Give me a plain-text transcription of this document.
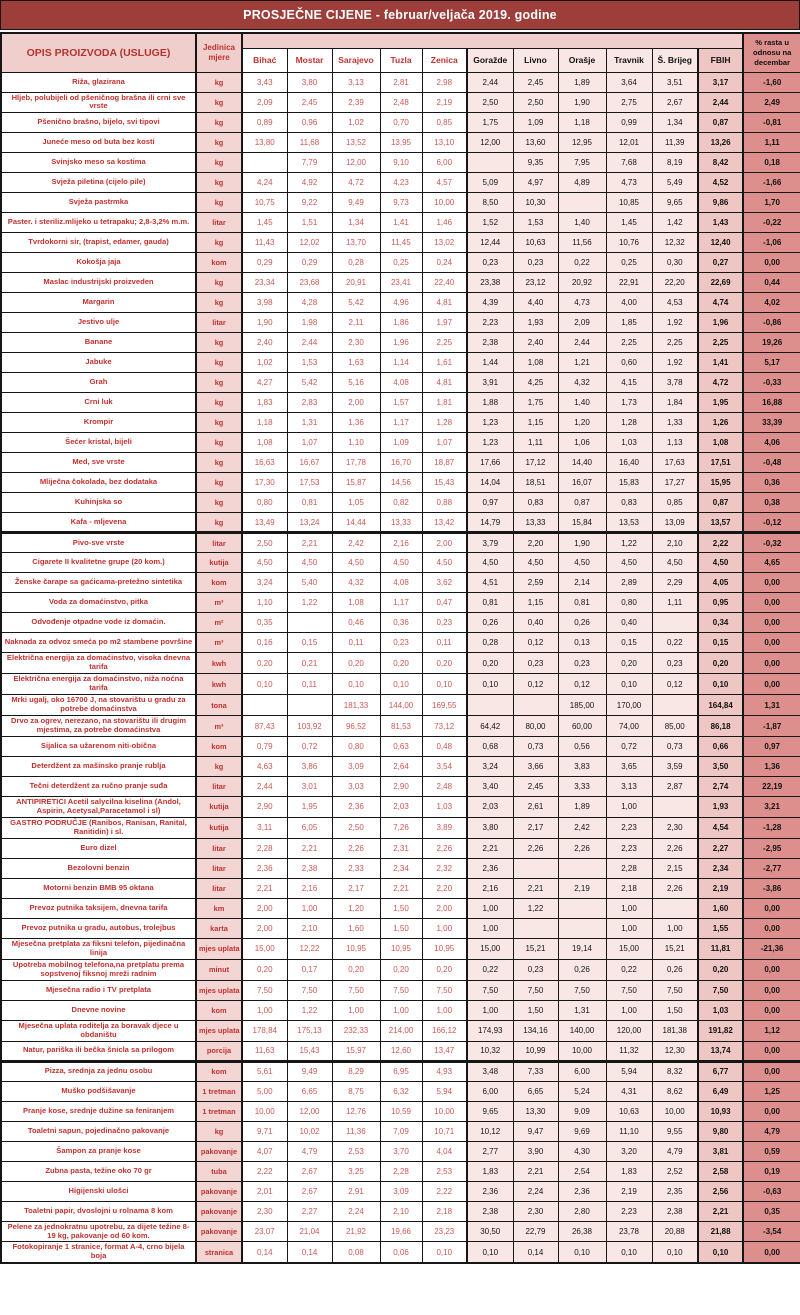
PROSJEČNE CIJENE - februar/veljača 2019. godine
OPIS PROIZVODA (USLUGE)	Jedinica mjere												% rasta u odnosu na decembar
		Bihać	Mostar	Sarajevo	Tuzla	Zenica	Goražde	Livno	Orašje	Travnik	Š. Brijeg	FBIH	
Riža, glazirana	kg	3,43	3,80	3,13	2,81	2,98	2,44	2,45	1,89	3,64	3,51	3,17	-1,60
Hljeb, polubijeli od pšeničnog brašna ili crni sve vrste	kg	2,09	2,45	2,39	2,48	2,19	2,50	2,50	1,90	2,75	2,67	2,44	2,49
Pšenično brašno, bijelo, svi tipovi	kg	0,89	0,96	1,02	0,70	0,85	1,75	1,09	1,18	0,99	1,34	0,87	-0,81
Juneće meso od buta bez kosti	kg	13,80	11,68	13,52	13,95	13,10	12,00	13,60	12,95	12,01	11,39	13,26	1,11
Svinjsko meso sa kostima	kg		7,79	12,00	9,10	6,00		9,35	7,95	7,68	8,19	8,42	0,18
Svježa piletina (cijelo pile)	kg	4,24	4,92	4,72	4,23	4,57	5,09	4,97	4,89	4,73	5,49	4,52	-1,66
Svježa pastrmka	kg	10,75	9,22	9,49	9,73	10,00	8,50	10,30		10,85	9,65	9,86	1,70
Paster. i steriliz.mlijeko u tetrapaku; 2,8-3,2% m.m.	litar	1,45	1,51	1,34	1,41	1,46	1,52	1,53	1,40	1,45	1,42	1,43	-0,22
Tvrdokorni sir, (trapist, edamer, gauda)	kg	11,43	12,02	13,70	11,45	13,02	12,44	10,63	11,56	10,76	12,32	12,40	-1,06
Kokošja jaja	kom	0,29	0,29	0,28	0,25	0,24	0,23	0,23	0,22	0,25	0,30	0,27	0,00
Maslac industrijski proizveden	kg	23,34	23,68	20,91	23,41	22,40	23,38	23,12	20,92	22,91	22,20	22,69	0,44
Margarin	kg	3,98	4,28	5,42	4,96	4,81	4,39	4,40	4,73	4,00	4,53	4,74	4,02
Jestivo ulje	litar	1,90	1,98	2,11	1,86	1,97	2,23	1,93	2,09	1,85	1,92	1,96	-0,86
Banane	kg	2,40	2,44	2,30	1,96	2,25	2,38	2,40	2,44	2,25	2,25	2,25	19,26
Jabuke	kg	1,02	1,53	1,63	1,14	1,61	1,44	1,08	1,21	0,60	1,92	1,41	5,17
Grah	kg	4,27	5,42	5,16	4,08	4,81	3,91	4,25	4,32	4,15	3,78	4,72	-0,33
Crni luk	kg	1,83	2,83	2,00	1,57	1,81	1,88	1,75	1,40	1,73	1,84	1,95	16,88
Krompir	kg	1,18	1,31	1,36	1,17	1,28	1,23	1,15	1,20	1,28	1,33	1,26	33,39
Šećer kristal, bijeli	kg	1,08	1,07	1,10	1,09	1,07	1,23	1,11	1,06	1,03	1,13	1,08	4,06
Med, sve vrste	kg	16,63	16,67	17,78	16,70	18,87	17,66	17,12	14,40	16,40	17,63	17,51	-0,48
Mliječna čokolada, bez dodataka	kg	17,30	17,53	15,87	14,56	15,43	14,04	18,51	16,07	15,83	17,27	15,95	0,36
Kuhinjska so	kg	0,80	0,81	1,05	0,82	0,88	0,97	0,83	0,87	0,83	0,85	0,87	0,38
Kafa - mljevena	kg	13,49	13,24	14,44	13,33	13,42	14,79	13,33	15,84	13,53	13,09	13,57	-0,12
Pivo-sve vrste	litar	2,50	2,21	2,42	2,16	2,00	3,79	2,20	1,90	1,22	2,10	2,22	-0,32
Cigarete II kvalitetne grupe (20 kom.)	kutija	4,50	4,50	4,50	4,50	4,50	4,50	4,50	4,50	4,50	4,50	4,50	4,65
Ženske čarape sa gaćicama-pretežno sintetika	kom	3,24	5,40	4,32	4,08	3,62	4,51	2,59	2,14	2,89	2,29	4,05	0,00
Voda za domaćinstvo, pitka	m³	1,10	1,22	1,08	1,17	0,47	0,81	1,15	0,81	0,80	1,11	0,95	0,00
Odvođenje otpadne vode iz domaćin.	m²	0,35		0,46	0,36	0,23	0,26	0,40	0,26	0,40		0,34	0,00
Naknada za odvoz smeća po m2 stambene površine	m³	0,16	0,15	0,11	0,23	0,11	0,28	0,12	0,13	0,15	0,22	0,15	0,00
Električna energija za domaćinstvo, visoka dnevna tarifa	kwh	0,20	0,21	0,20	0,20	0,20	0,20	0,23	0,23	0,20	0,23	0,20	0,00
Električna energija za domaćinstvo, niža noćna tarifa	kwh	0,10	0,11	0,10	0,10	0,10	0,10	0,12	0,12	0,10	0,12	0,10	0,00
Mrki ugalj, oko 16700 J, na stovarištu u gradu za potrebe domaćinstva	tona			181,33	144,00	169,55			185,00	170,00		164,84	1,31
Drvo za ogrev, nerezano, na stovarištu ili drugim mjestima, za potrebe domaćinstva	m³	87,43	103,92	96,52	81,53	73,12	64,42	80,00	60,00	74,00	85,00	86,18	-1,87
Sijalica sa užarenom niti-obična	kom	0,79	0,72	0,80	0,63	0,48	0,68	0,73	0,56	0,72	0,73	0,66	0,97
Deterdžent za mašinsko pranje rublja	kg	4,63	3,86	3,09	2,64	3,54	3,24	3,66	3,83	3,65	3,59	3,50	1,36
Tečni deterdžent za ručno pranje suđa	litar	2,44	3,01	3,03	2,90	2,48	3,40	2,45	3,33	3,13	2,87	2,74	22,19
ANTIPIRETICI Acetil salycilna kiselina (Andol, Aspirin, Acetysal,Paracetamol i sl)	kutija	2,90	1,95	2,36	2,03	1,03	2,03	2,61	1,89	1,00		1,93	3,21
GASTRO PODRUČJE (Ranibos, Ranisan, Ranital, Ranitidin) i sl.	kutija	3,11	6,05	2,50	7,26	3,89	3,80	2,17	2,42	2,23	2,30	4,54	-1,28
Euro dizel	litar	2,28	2,21	2,26	2,31	2,26	2,21	2,26	2,26	2,23	2,26	2,27	-2,95
Bezolovni benzin	litar	2,36	2,38	2,33	2,34	2,32	2,36			2,28	2,15	2,34	-2,77
Motorni benzin BMB 95 oktana	litar	2,21	2,16	2,17	2,21	2,20	2,16	2,21	2,19	2,18	2,26	2,19	-3,86
Prevoz putnika taksijem, dnevna tarifa	km	2,00	1,00	1,20	1,50	2,00	1,00	1,22		1,00		1,60	0,00
Prevoz putnika u gradu, autobus, trolejbus	karta	2,00	2,10	1,60	1,50	1,00	1,00			1,00	1,00	1,55	0,00
Mjesečna pretplata za fiksni telefon, pijedinačna linija	mjes uplata	15,00	12,22	10,95	10,95	10,95	15,00	15,21	19,14	15,00	15,21	11,81	-21,36
Upotreba mobilnog telefona,na pretplatu prema sopstvenoj fiksnoj mreži radnim	minut	0,20	0,17	0,20	0,20	0,20	0,22	0,23	0,26	0,22	0,26	0,20	0,00
Mjesečna radio i TV pretplata	mjes uplata	7,50	7,50	7,50	7,50	7,50	7,50	7,50	7,50	7,50	7,50	7,50	0,00
Dnevne novine	kom	1,00	1,22	1,00	1,00	1,00	1,00	1,50	1,31	1,00	1,50	1,03	0,00
Mjesečna uplata roditelja za boravak djece u obdaništu	mjes uplata	178,84	175,13	232,33	214,00	166,12	174,93	134,16	140,00	120,00	181,38	191,82	1,12
Natur, pariška ili bečka šnicla sa prilogom	porcija	11,63	15,43	15,97	12,60	13,47	10,32	10,99	10,00	11,32	12,30	13,74	0,00
Pizza, srednja za jednu osobu	kom	5,61	9,49	8,29	6,95	4,93	3,48	7,33	6,00	5,94	8,32	6,77	0,00
Muško podšišavanje	1 tretman	5,00	6,65	8,75	6,32	5,94	6,00	6,65	5,24	4,31	8,62	6,49	1,25
Pranje kose, srednje dužine sa feniranjem	1 tretman	10,00	12,00	12,76	10,59	10,00	9,65	13,30	9,09	10,63	10,00	10,93	0,00
Toaletni sapun, pojedinačno pakovanje	kg	9,71	10,02	11,36	7,09	10,71	10,12	9,47	9,69	11,10	9,55	9,80	4,79
Šampon za pranje kose	pakovanje	4,07	4,79	2,53	3,70	4,04	2,77	3,90	4,30	3,20	4,79	3,81	0,59
Zubna pasta, težine oko 70 gr	tuba	2,22	2,67	3,25	2,28	2,53	1,83	2,21	2,54	1,83	2,52	2,58	0,19
Higijenski ulošci	pakovanje	2,01	2,67	2,91	3,09	2,22	2,36	2,24	2,36	2,19	2,35	2,56	-0,63
Toaletni papir, dvoslojni u rolnama 8 kom	pakovanje	2,30	2,27	2,24	2,10	2,18	2,38	2,30	2,80	2,23	2,38	2,21	0,35
Pelene za jednokratnu upotrebu, za dijete težine 8-19 kg, pakovanje od 60 kom.	pakovanje	23,07	21,04	21,92	19,66	23,23	30,50	22,79	26,38	23,78	20,88	21,88	-3,54
Fotokopiranje 1 stranice, format A-4, crno bijela boja	stranica	0,14	0,14	0,08	0,06	0,10	0,10	0,14	0,10	0,10	0,10	0,10	0,00
